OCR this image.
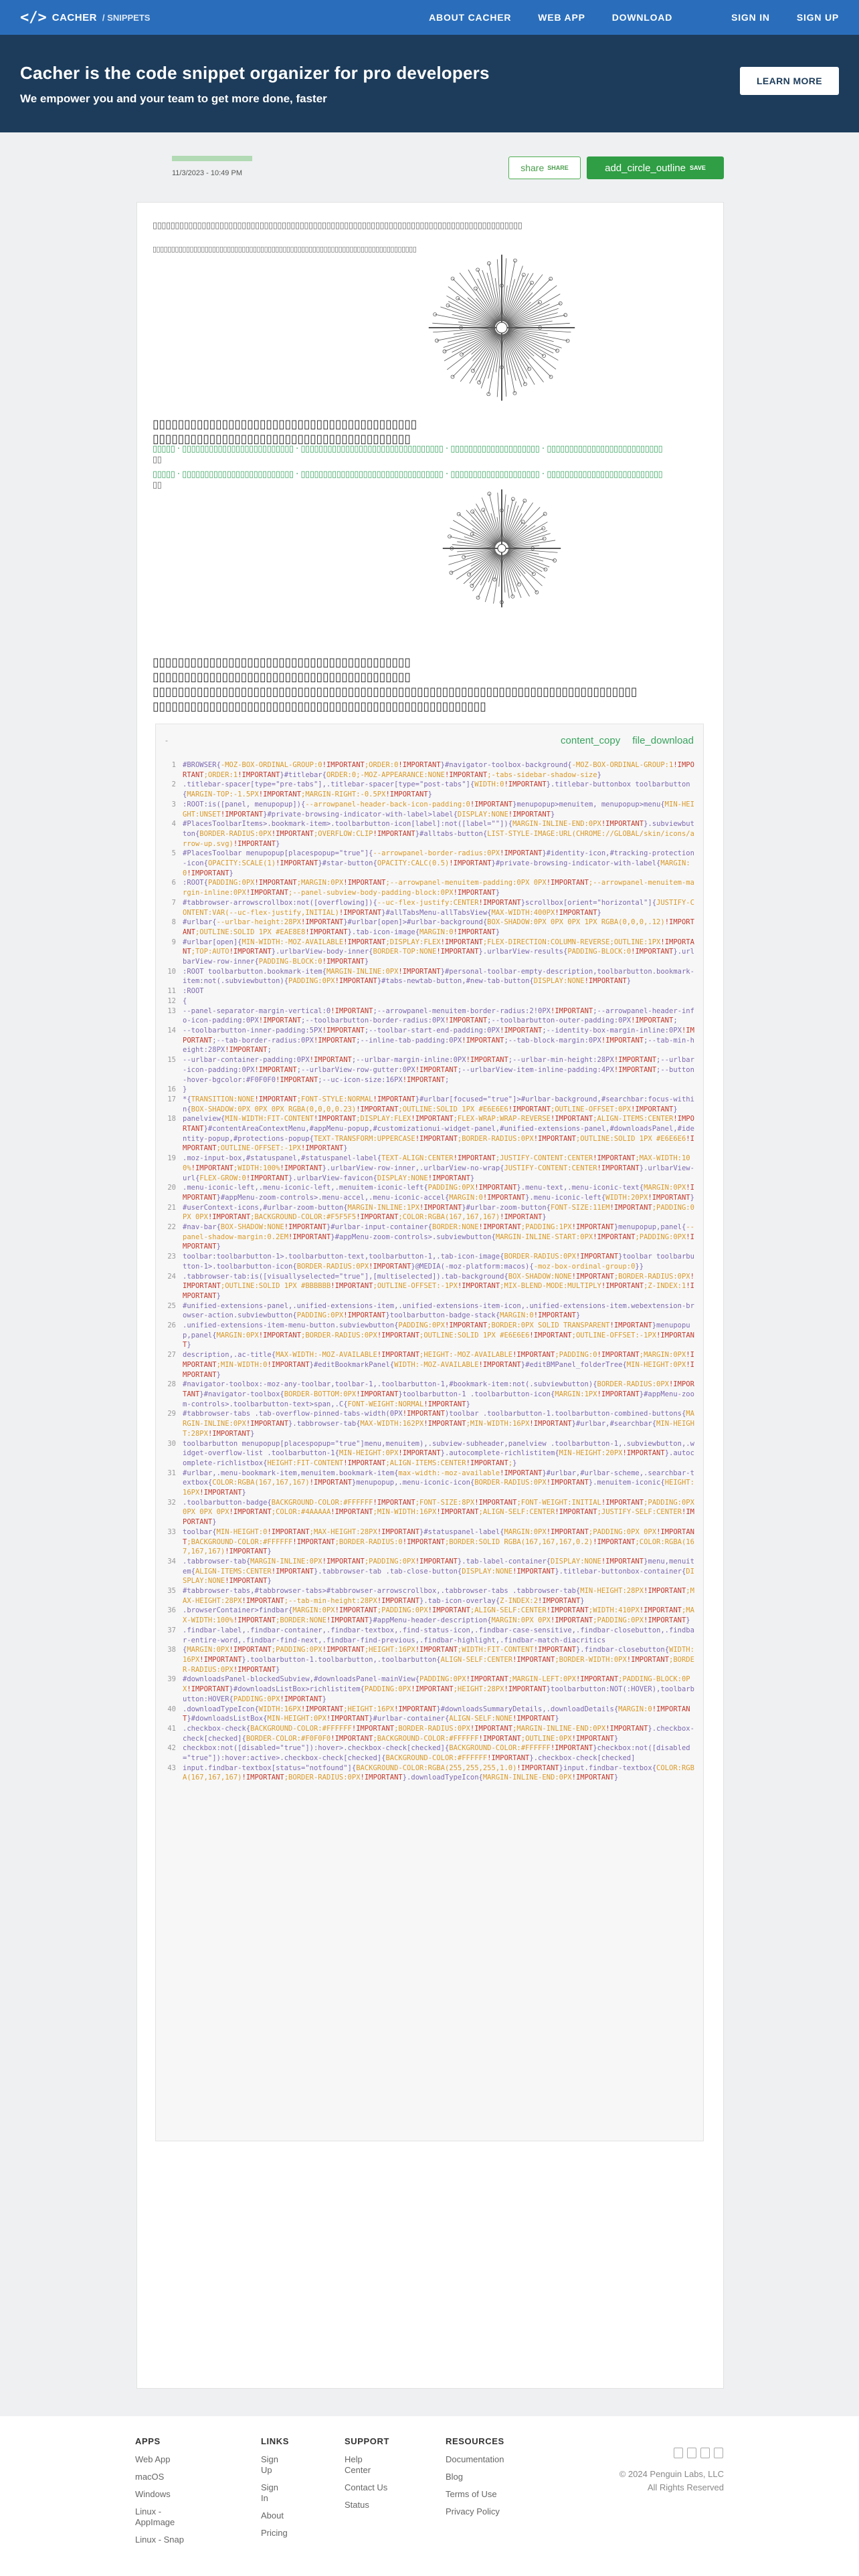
</> CACHER / SNIPPETS	ABOUT CACHER	WEB APP	DOWNLOAD	SIGN IN	SIGN UP
Cacher is the code snippet organizer for pro developers

We empower you and your team to get more done, faster

LEARN MORE
11/3/2023 - 10:49 PM	share SHARE	add_circle_outline SAVE
▯▯▯▯▯▯▯▯▯▯▯▯▯▯▯▯▯▯▯▯▯▯▯▯▯▯▯▯▯▯▯▯▯▯▯▯▯▯▯▯▯▯▯▯▯▯▯▯▯▯▯▯▯▯▯▯▯▯▯▯▯▯▯▯▯▯▯▯▯▯▯▯▯▯▯▯▯▯▯▯▯▯▯
▯▯▯▯▯▯▯▯▯▯▯▯▯▯▯▯▯▯▯▯▯▯▯▯▯▯▯▯▯▯▯▯▯▯▯▯▯▯▯▯▯▯▯▯▯▯▯▯▯▯▯▯▯▯▯▯▯▯▯▯▯▯▯▯▯▯▯▯▯▯▯
▯▯▯▯▯▯▯▯▯▯▯▯▯▯▯▯▯▯▯▯▯▯▯▯▯▯▯▯▯▯▯▯▯▯▯▯▯▯▯▯▯▯
▯▯▯▯▯▯▯▯▯▯▯▯▯▯▯▯▯▯▯▯▯▯▯▯▯▯▯▯▯▯▯▯▯▯▯▯▯▯▯▯▯
▯▯▯▯▯ · ▯▯▯▯▯▯▯▯▯▯▯▯▯▯▯▯▯▯▯▯▯▯▯▯▯ · ▯▯▯▯▯▯▯▯▯▯▯▯▯▯▯▯▯▯▯▯▯▯▯▯▯▯▯▯▯▯▯▯ · ▯▯▯▯▯▯▯▯▯▯▯▯▯▯▯▯▯▯▯▯ · ▯▯▯▯▯▯▯▯▯▯▯▯▯▯▯▯▯▯▯▯▯▯▯▯▯▯
▯▯
▯▯▯▯▯ · ▯▯▯▯▯▯▯▯▯▯▯▯▯▯▯▯▯▯▯▯▯▯▯▯▯ · ▯▯▯▯▯▯▯▯▯▯▯▯▯▯▯▯▯▯▯▯▯▯▯▯▯▯▯▯▯▯▯▯ · ▯▯▯▯▯▯▯▯▯▯▯▯▯▯▯▯▯▯▯▯ · ▯▯▯▯▯▯▯▯▯▯▯▯▯▯▯▯▯▯▯▯▯▯▯▯▯▯
▯▯
▯▯▯▯▯▯▯▯▯▯▯▯▯▯▯▯▯▯▯▯▯▯▯▯▯▯▯▯▯▯▯▯▯▯▯▯▯▯▯▯▯
▯▯▯▯▯▯▯▯▯▯▯▯▯▯▯▯▯▯▯▯▯▯▯▯▯▯▯▯▯▯▯▯▯▯▯▯▯▯▯▯▯
▯▯▯▯▯▯▯▯▯▯▯▯▯▯▯▯▯▯▯▯▯▯▯▯▯▯▯▯▯▯▯▯▯▯▯▯▯▯▯▯▯▯▯▯▯▯▯▯▯▯▯▯▯▯▯▯▯▯▯▯▯▯▯▯▯▯▯▯▯▯▯▯▯▯▯▯▯
▯▯▯▯▯▯▯▯▯▯▯▯▯▯▯▯▯▯▯▯▯▯▯▯▯▯▯▯▯▯▯▯▯▯▯▯▯▯▯▯▯▯▯▯▯▯▯▯▯▯▯▯▯
-	content_copy file_download
1 #BROWSER{-MOZ-BOX-ORDINAL-GROUP:0!IMPORTANT;ORDER:0!IMPORTANT}#navigator-toolbox-background{-MOZ-BOX-ORDINAL-GROUP:1!IMPORTANT;ORDER:1!IMPORTANT}#titlebar{ORDER:0;-MOZ-APPEARANCE:NONE!IMPORTANT;-tabs-sidebar-shadow-size}
2 .titlebar-spacer[type="pre-tabs"],.titlebar-spacer[type="post-tabs"]{WIDTH:0!IMPORTANT}.titlebar-buttonbox toolbarbutton{MARGIN-TOP:-1.5PX!IMPORTANT;MARGIN-RIGHT:-0.5PX!IMPORTANT}
3 :ROOT:is([panel, menupopup]){--arrowpanel-header-back-icon-padding:0!IMPORTANT}menupopup>menuitem, menupopup>menu{MIN-HEIGHT:UNSET!IMPORTANT}#private-browsing-indicator-with-label>label{DISPLAY:NONE!IMPORTANT}
4 #PlacesToolbarItems>.bookmark-item>.toolbarbutton-icon[label]:not([label=""]){MARGIN-INLINE-END:0PX!IMPORTANT}.subviewbutton{BORDER-RADIUS:0PX!IMPORTANT;OVERFLOW:CLIP!IMPORTANT}#alltabs-button{LIST-STYLE-IMAGE:URL(CHROME://GLOBAL/skin/icons/arrow-up.svg)!IMPORTANT}
5 #PlacesToolbar menupopup[placespopup="true"]{--arrowpanel-border-radius:0PX!IMPORTANT}#identity-icon,#tracking-protection-icon{OPACITY:SCALE(1)!IMPORTANT}#star-button{OPACITY:CALC(0.5)!IMPORTANT}#private-browsing-indicator-with-label{MARGIN:0!IMPORTANT}
6 :ROOT{PADDING:0PX!IMPORTANT;MARGIN:0PX!IMPORTANT;--arrowpanel-menuitem-padding:0PX 0PX!IMPORTANT;--arrowpanel-menuitem-margin-inline:0PX!IMPORTANT;--panel-subview-body-padding-block:0PX!IMPORTANT}
7 #tabbrowser-arrowscrollbox:not([overflowing]){--uc-flex-justify:CENTER!IMPORTANT}scrollbox[orient="horizontal"]{JUSTIFY-CONTENT:VAR(--uc-flex-justify,INITIAL)!IMPORTANT}#allTabsMenu-allTabsView{MAX-WIDTH:400PX!IMPORTANT}
8 #urlbar{--urlbar-height:28PX!IMPORTANT}#urlbar[open]>#urlbar-background{BOX-SHADOW:0PX 0PX 0PX 1PX RGBA(0,0,0,.12)!IMPORTANT;OUTLINE:SOLID 1PX #EAE8E8!IMPORTANT}.tab-icon-image{MARGIN:0!IMPORTANT}
9 #urlbar[open]{MIN-WIDTH:-MOZ-AVAILABLE!IMPORTANT;DISPLAY:FLEX!IMPORTANT;FLEX-DIRECTION:COLUMN-REVERSE;OUTLINE:1PX!IMPORTANT;TOP:AUTO!IMPORTANT}.urlbarView-body-inner{BORDER-TOP:NONE!IMPORTANT}.urlbarView-results{PADDING-BLOCK:0!IMPORTANT}.urlbarView-row-inner{PADDING-BLOCK:0!IMPORTANT}
10 :ROOT toolbarbutton.bookmark-item{MARGIN-INLINE:0PX!IMPORTANT}#personal-toolbar-empty-description,toolbarbutton.bookmark-item:not(.subviewbutton){PADDING:0PX!IMPORTANT}#tabs-newtab-button,#new-tab-button{DISPLAY:NONE!IMPORTANT}
11 :ROOT
12 {
13 --panel-separator-margin-vertical:0!IMPORTANT;--arrowpanel-menuitem-border-radius:2!0PX!IMPORTANT;--arrowpanel-header-info-icon-padding:0PX!IMPORTANT;--toolbarbutton-border-radius:0PX!IMPORTANT;--toolbarbutton-outer-padding:0PX!IMPORTANT;
14 --toolbarbutton-inner-padding:5PX!IMPORTANT;--toolbar-start-end-padding:0PX!IMPORTANT;--identity-box-margin-inline:0PX!IMPORTANT;--tab-border-radius:0PX!IMPORTANT;--inline-tab-padding:0PX!IMPORTANT;--tab-block-margin:0PX!IMPORTANT;--tab-min-height:28PX!IMPORTANT;
15 --urlbar-container-padding:0PX!IMPORTANT;--urlbar-margin-inline:0PX!IMPORTANT;--urlbar-min-height:28PX!IMPORTANT;--urlbar-icon-padding:0PX!IMPORTANT;--urlbarView-row-gutter:0PX!IMPORTANT;--urlbarView-item-inline-padding:4PX!IMPORTANT;--button-hover-bgcolor:#F0F0F0!IMPORTANT;--uc-icon-size:16PX!IMPORTANT;
16 }
17 *{TRANSITION:NONE!IMPORTANT;FONT-STYLE:NORMAL!IMPORTANT}#urlbar[focused="true"]>#urlbar-background,#searchbar:focus-within{BOX-SHADOW:0PX 0PX 0PX RGBA(0,0,0,0.23)!IMPORTANT;OUTLINE:SOLID 1PX #E6E6E6!IMPORTANT;OUTLINE-OFFSET:0PX!IMPORTANT}
18 panelview{MIN-WIDTH:FIT-CONTENT!IMPORTANT;DISPLAY:FLEX!IMPORTANT;FLEX-WRAP:WRAP-REVERSE!IMPORTANT;ALIGN-ITEMS:CENTER!IMPORTANT}#contentAreaContextMenu,#appMenu-popup,#customizationui-widget-panel,#unified-extensions-panel,#downloadsPanel,#identity-popup,#protections-popup{TEXT-TRANSFORM:UPPERCASE!IMPORTANT;BORDER-RADIUS:0PX!IMPORTANT;OUTLINE:SOLID 1PX #E6E6E6!IMPORTANT;OUTLINE-OFFSET:-1PX!IMPORTANT}
19 .moz-input-box,#statuspanel,#statuspanel-label{TEXT-ALIGN:CENTER!IMPORTANT;JUSTIFY-CONTENT:CENTER!IMPORTANT;MAX-WIDTH:100%!IMPORTANT;WIDTH:100%!IMPORTANT}.urlbarView-row-inner,.urlbarView-no-wrap{JUSTIFY-CONTENT:CENTER!IMPORTANT}.urlbarView-url{FLEX-GROW:0!IMPORTANT}.urlbarView-favicon{DISPLAY:NONE!IMPORTANT}
20 .menu-iconic-left,.menu-iconic-left,.menuitem-iconic-left{PADDING:0PX!IMPORTANT}.menu-text,.menu-iconic-text{MARGIN:0PX!IMPORTANT}#appMenu-zoom-controls>.menu-accel,.menu-iconic-accel{MARGIN:0!IMPORTANT}.menu-iconic-left{WIDTH:20PX!IMPORTANT}
21 #userContext-icons,#urlbar-zoom-button{MARGIN-INLINE:1PX!IMPORTANT}#urlbar-zoom-button{FONT-SIZE:11EM!IMPORTANT;PADDING:0PX 0PX!IMPORTANT;BACKGROUND-COLOR:#F5F5F5!IMPORTANT;COLOR:RGBA(167,167,167)!IMPORTANT}
22 #nav-bar{BOX-SHADOW:NONE!IMPORTANT}#urlbar-input-container{BORDER:NONE!IMPORTANT;PADDING:1PX!IMPORTANT}menupopup,panel{--panel-shadow-margin:0.2EM!IMPORTANT}#appMenu-zoom-controls>.subviewbutton{MARGIN-INLINE-START:0PX!IMPORTANT;PADDING:0PX!IMPORTANT}
23 toolbar:toolbarbutton-1>.toolbarbutton-text,toolbarbutton-1,.tab-icon-image{BORDER-RADIUS:0PX!IMPORTANT}toolbar toolbarbutton-1>.toolbarbutton-icon{BORDER-RADIUS:0PX!IMPORTANT}@MEDIA(-moz-platform:macos){-moz-box-ordinal-group:0}}
24 .tabbrowser-tab:is([visuallyselected="true"],[multiselected]).tab-background{BOX-SHADOW:NONE!IMPORTANT;BORDER-RADIUS:0PX!IMPORTANT;OUTLINE:SOLID 1PX #BBBBBB!IMPORTANT;OUTLINE-OFFSET:-1PX!IMPORTANT;MIX-BLEND-MODE:MULTIPLY!IMPORTANT;Z-INDEX:1!IMPORTANT}
25 #unified-extensions-panel,.unified-extensions-item,.unified-extensions-item-icon,.unified-extensions-item.webextension-browser-action.subviewbutton{PADDING:0PX!IMPORTANT}toolbarbutton-badge-stack{MARGIN:0!IMPORTANT}
26 .unified-extensions-item-menu-button.subviewbutton{PADDING:0PX!IMPORTANT;BORDER:0PX SOLID TRANSPARENT!IMPORTANT}menupopup,panel{MARGIN:0PX!IMPORTANT;BORDER-RADIUS:0PX!IMPORTANT;OUTLINE:SOLID 1PX #E6E6E6!IMPORTANT;OUTLINE-OFFSET:-1PX!IMPORTANT}
27 description,.ac-title{MAX-WIDTH:-MOZ-AVAILABLE!IMPORTANT;HEIGHT:-MOZ-AVAILABLE!IMPORTANT;PADDING:0!IMPORTANT;MARGIN:0PX!IMPORTANT;MIN-WIDTH:0!IMPORTANT}#editBookmarkPanel{WIDTH:-MOZ-AVAILABLE!IMPORTANT}#editBMPanel_folderTree{MIN-HEIGHT:0PX!IMPORTANT}
28 #navigator-toolbox:-moz-any-toolbar,toolbar-1,.toolbarbutton-1,#bookmark-item:not(.subviewbutton){BORDER-RADIUS:0PX!IMPORTANT}#navigator-toolbox{BORDER-BOTTOM:0PX!IMPORTANT}toolbarbutton-1 .toolbarbutton-icon{MARGIN:1PX!IMPORTANT}#appMenu-zoom-controls>.toolbarbutton-text>span,.C{FONT-WEIGHT:NORMAL!IMPORTANT}
29 #tabbrowser-tabs .tab-overflow-pinned-tabs-width(0PX!IMPORTANT)toolbar .toolbarbutton-1.toolbarbutton-combined-buttons{MARGIN-INLINE:0PX!IMPORTANT}.tabbrowser-tab{MAX-WIDTH:162PX!IMPORTANT;MIN-WIDTH:16PX!IMPORTANT}#urlbar,#searchbar{MIN-HEIGHT:28PX!IMPORTANT}
30 toolbarbutton menupopup[placespopup="true"]menu,menuitem),.subview-subheader,panelview .toolbarbutton-1,.subviewbutton,.widget-overflow-list .toolbarbutton-1{MIN-HEIGHT:0PX!IMPORTANT}.autocomplete-richlistitem{MIN-HEIGHT:20PX!IMPORTANT}.autocomplete-richlistbox{HEIGHT:FIT-CONTENT!IMPORTANT;ALIGN-ITEMS:CENTER!IMPORTANT;}
31 #urlbar,.menu-bookmark-item,menuitem.bookmark-item{max-width:-moz-available!IMPORTANT}#urlbar,#urlbar-scheme,.searchbar-textbox{COLOR:RGBA(167,167,167)!IMPORTANT}menupopup,.menu-iconic-icon{BORDER-RADIUS:0PX!IMPORTANT}.menuitem-iconic{HEIGHT:16PX!IMPORTANT}
32 .toolbarbutton-badge{BACKGROUND-COLOR:#FFFFFF!IMPORTANT;FONT-SIZE:8PX!IMPORTANT;FONT-WEIGHT:INITIAL!IMPORTANT;PADDING:0PX 0PX 0PX 0PX!IMPORTANT;COLOR:#4AAAAA!IMPORTANT;MIN-WIDTH:16PX!IMPORTANT;ALIGN-SELF:CENTER!IMPORTANT;JUSTIFY-SELF:CENTER!IMPORTANT}
33 toolbar{MIN-HEIGHT:0!IMPORTANT;MAX-HEIGHT:28PX!IMPORTANT}#statuspanel-label{MARGIN:0PX!IMPORTANT;PADDING:0PX 0PX!IMPORTANT;BACKGROUND-COLOR:#FFFFFF!IMPORTANT;BORDER-RADIUS:0!IMPORTANT;BORDER:SOLID RGBA(167,167,167,0.2)!IMPORTANT;COLOR:RGBA(167,167,167)!IMPORTANT}
34 .tabbrowser-tab{MARGIN-INLINE:0PX!IMPORTANT;PADDING:0PX!IMPORTANT}.tab-label-container{DISPLAY:NONE!IMPORTANT}menu,menuitem{ALIGN-ITEMS:CENTER!IMPORTANT}.tabbrowser-tab .tab-close-button{DISPLAY:NONE!IMPORTANT}.titlebar-buttonbox-container{DISPLAY:NONE!IMPORTANT}
35 #tabbrowser-tabs,#tabbrowser-tabs>#tabbrowser-arrowscrollbox,.tabbrowser-tabs .tabbrowser-tab{MIN-HEIGHT:28PX!IMPORTANT;MAX-HEIGHT:28PX!IMPORTANT;--tab-min-height:28PX!IMPORTANT}.tab-icon-overlay{Z-INDEX:2!IMPORTANT}
36 .browserContainer>findbar{MARGIN:0PX!IMPORTANT;PADDING:0PX!IMPORTANT;ALIGN-SELF:CENTER!IMPORTANT;WIDTH:410PX!IMPORTANT;MAX-WIDTH:100%!IMPORTANT;BORDER:NONE!IMPORTANT}#appMenu-header-description{MARGIN:0PX 0PX!IMPORTANT;PADDING:0PX!IMPORTANT}
37 .findbar-label,.findbar-container,.findbar-textbox,.find-status-icon,.findbar-case-sensitive,.findbar-closebutton,.findbar-entire-word,.findbar-find-next,.findbar-find-previous,.findbar-highlight,.findbar-match-diacritics
38 {MARGIN:0PX!IMPORTANT;PADDING:0PX!IMPORTANT;HEIGHT:16PX!IMPORTANT;WIDTH:FIT-CONTENT!IMPORTANT}.findbar-closebutton{WIDTH:16PX!IMPORTANT}.toolbarbutton-1.toolbarbutton,.toolbarbutton{ALIGN-SELF:CENTER!IMPORTANT;BORDER-WIDTH:0PX!IMPORTANT;BORDER-RADIUS:0PX!IMPORTANT}
39 #downloadsPanel-blockedSubview,#downloadsPanel-mainView{PADDING:0PX!IMPORTANT;MARGIN-LEFT:0PX!IMPORTANT;PADDING-BLOCK:0PX!IMPORTANT}#downloadsListBox>richlistitem{PADDING:0PX!IMPORTANT;HEIGHT:28PX!IMPORTANT}toolbarbutton:NOT(:HOVER),toolbarbutton:HOVER{PADDING:0PX!IMPORTANT}
40 .downloadTypeIcon{WIDTH:16PX!IMPORTANT;HEIGHT:16PX!IMPORTANT}#downloadsSummaryDetails,.downloadDetails{MARGIN:0!IMPORTANT}#downloadsListBox{MIN-HEIGHT:0PX!IMPORTANT}#urlbar-container{ALIGN-SELF:NONE!IMPORTANT}
41 .checkbox-check{BACKGROUND-COLOR:#FFFFFF!IMPORTANT;BORDER-RADIUS:0PX!IMPORTANT;MARGIN-INLINE-END:0PX!IMPORTANT}.checkbox-check[checked]{BORDER-COLOR:#F0F0F0!IMPORTANT;BACKGROUND-COLOR:#FFFFFF!IMPORTANT;OUTLINE:0PX!IMPORTANT}
42 checkbox:not([disabled="true"]):hover>.checkbox-check[checked]{BACKGROUND-COLOR:#FFFFFF!IMPORTANT}checkbox:not([disabled="true"]):hover:active>.checkbox-check[checked]{BACKGROUND-COLOR:#FFFFFF!IMPORTANT}.checkbox-check[checked]
43 input.findbar-textbox[status="notfound"]{BACKGROUND-COLOR:RGBA(255,255,255,1.0)!IMPORTANT}input.findbar-textbox{COLOR:RGBA(167,167,167)!IMPORTANT;BORDER-RADIUS:0PX!IMPORTANT}.downloadTypeIcon{MARGIN-INLINE-END:0PX!IMPORTANT}
APPS
Web App
macOS
Windows
Linux - AppImage
Linux - Snap
LINKS
Sign Up
Sign In
About
Pricing
SUPPORT
Help Center
Contact Us
Status
RESOURCES
Documentation
Blog
Terms of Use
Privacy Policy
© 2024 Penguin Labs, LLC
All Rights Reserved
